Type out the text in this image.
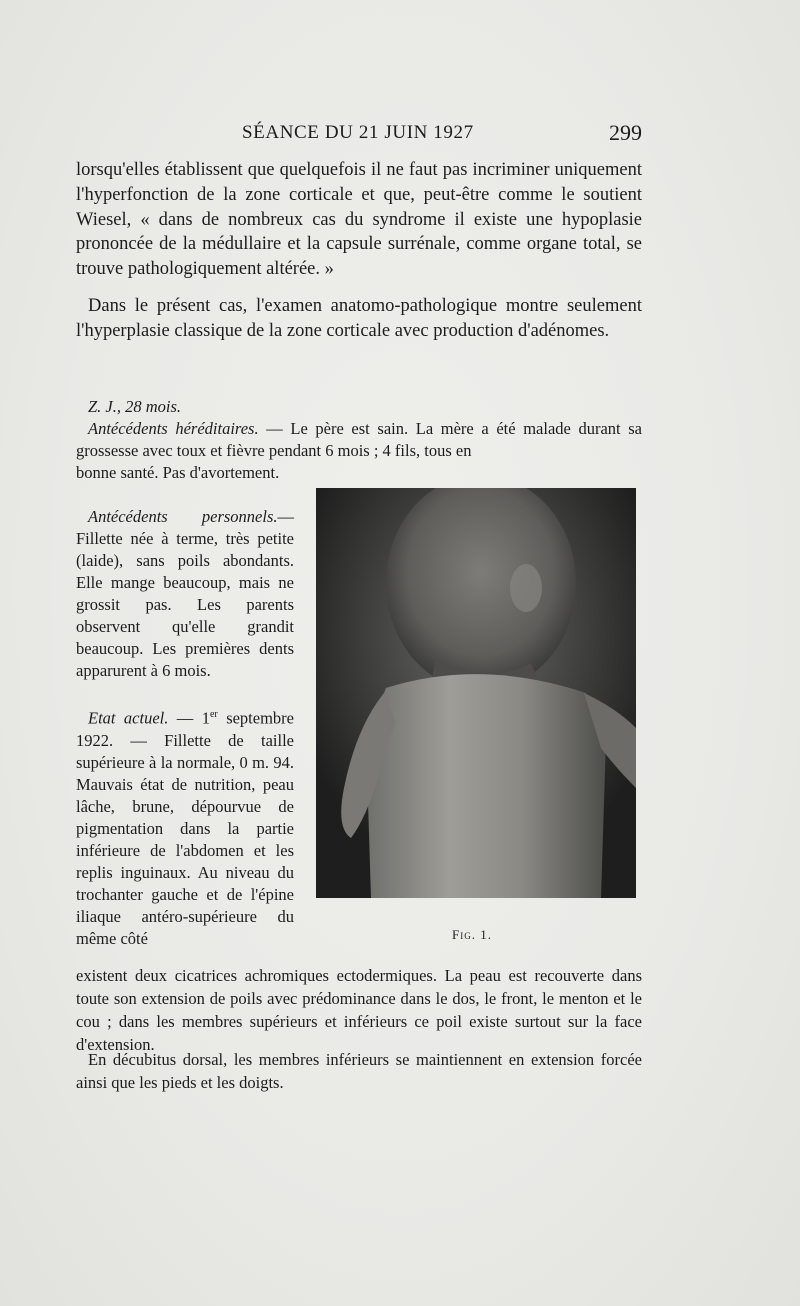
SÉANCE DU 21 JUIN 1927	299

lorsqu'elles établissent que quelquefois il ne faut pas incriminer uniquement l'hyperfonction de la zone corticale et que, peut-être comme le soutient Wiesel, « dans de nombreux cas du syndrome il existe une hypoplasie prononcée de la médullaire et la capsule surrénale, comme organe total, se trouve pathologiquement altérée. »

Dans le présent cas, l'examen anatomo-pathologique montre seulement l'hyperplasie classique de la zone corticale avec production d'adénomes.

Z. J., 28 mois.

Antécédents héréditaires. — Le père est sain. La mère a été malade durant sa grossesse avec toux et fièvre pendant 6 mois ; 4 fils, tous en

bonne santé. Pas d'avortement.

Antécédents personnels.— Fillette née à terme, très petite (laide), sans poils abondants. Elle mange beaucoup, mais ne grossit pas. Les parents observent qu'elle grandit beaucoup. Les premières dents apparurent à 6 mois.

Etat actuel. — 1er septembre 1922. — Fillette de taille supérieure à la normale, 0 m. 94. Mauvais état de nutrition, peau lâche, brune, dépourvue de pigmentation dans la partie inférieure de l'abdomen et les replis inguinaux. Au niveau du trochanter gauche et de l'épine iliaque antéro-supérieure du même côté	Fig. 1.

existent deux cicatrices achromiques ectodermiques. La peau est recouverte dans toute son extension de poils avec prédominance dans le dos, le front, le menton et le cou ; dans les membres supérieurs et inférieurs ce poil existe surtout sur la face d'extension.

En décubitus dorsal, les membres inférieurs se maintiennent en extension forcée ainsi que les pieds et les doigts.
